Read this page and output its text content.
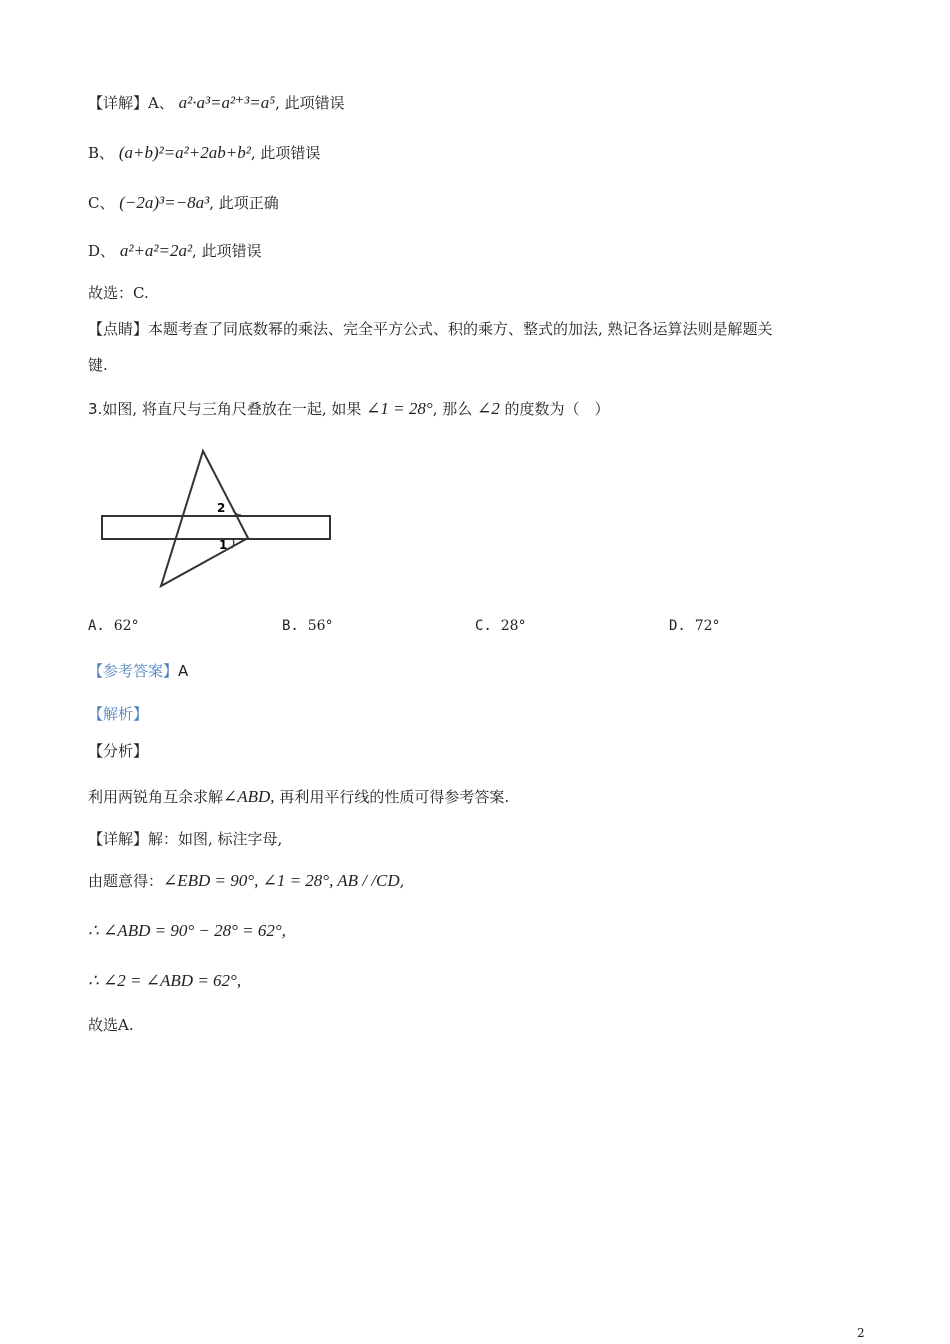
【详解】A、 a²·a³=a²⁺³=a⁵, 此项错误
B、 (a+b)²=a²+2ab+b², 此项错误
C、 (−2a)³=−8a³, 此项正确
D、 a²+a²=2a², 此项错误
故选：C.
【点睛】本题考查了同底数幂的乘法、完全平方公式、积的乘方、整式的加法, 熟记各运算法则是解题关
键.
3.如图, 将直尺与三角尺叠放在一起, 如果 ∠1 = 28°, 那么 ∠2 的度数为（　）
2
1
A. 62°	B. 56°	C. 28°	D. 72°
【参考答案】A
【解析】
【分析】
利用两锐角互余求解∠ABD, 再利用平行线的性质可得参考答案.
【详解】解：如图, 标注字母,
由题意得：∠EBD = 90°, ∠1 = 28°, AB / /CD,
∴ ∠ABD = 90° − 28° = 62°,
∴ ∠2 = ∠ABD = 62°,
故选A.
2
